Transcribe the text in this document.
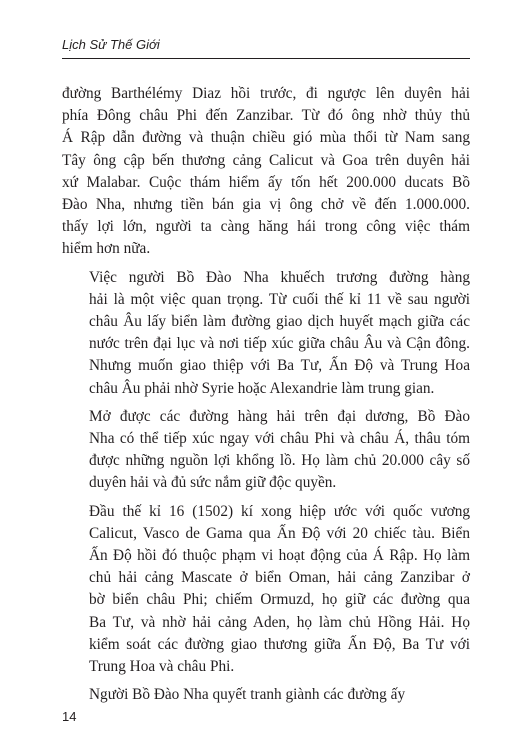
Lịch Sử Thế Giới

đường Barthélémy Diaz hồi trước, đi ngược lên duyên hải
phía Đông châu Phi đến Zanzibar. Từ đó ông nhờ thủy thủ
Á Rập dẫn đường và thuận chiều gió mùa thổi từ Nam sang
Tây ông cập bến thương cảng Calicut và Goa trên duyên hải
xứ Malabar. Cuộc thám hiểm ấy tốn hết 200.000 ducats Bồ
Đào Nha, nhưng tiền bán gia vị ông chở về đến 1.000.000.
thấy lợi lớn, người ta càng hăng hái trong công việc thám
hiểm hơn nữa.

Việc người Bồ Đào Nha khuếch trương đường hàng
hải là một việc quan trọng. Từ cuối thế kỉ 11 về sau người
châu Âu lấy biển làm đường giao dịch huyết mạch giữa các
nước trên đại lục và nơi tiếp xúc giữa châu Âu và Cận đông.
Nhưng muốn giao thiệp với Ba Tư, Ấn Độ và Trung Hoa
châu Âu phải nhờ Syrie hoặc Alexandrie làm trung gian.

Mở được các đường hàng hải trên đại dương, Bồ Đào
Nha có thể tiếp xúc ngay với châu Phi và châu Á, thâu tóm
được những nguồn lợi khổng lồ. Họ làm chủ 20.000 cây số
duyên hải và đủ sức nắm giữ độc quyền.

Đầu thế kỉ 16 (1502) kí xong hiệp ước với quốc vương
Calicut, Vasco de Gama qua Ấn Độ với 20 chiếc tàu. Biển
Ấn Độ hồi đó thuộc phạm vi hoạt động của Á Rập. Họ làm
chủ hải cảng Mascate ở biển Oman, hải cảng Zanzibar ở
bờ biển châu Phi; chiếm Ormuzd, họ giữ các đường qua
Ba Tư, và nhờ hải cảng Aden, họ làm chủ Hồng Hải. Họ
kiểm soát các đường giao thương giữa Ấn Độ, Ba Tư với
Trung Hoa và châu Phi.

Người Bồ Đào Nha quyết tranh giành các đường ấy

14
